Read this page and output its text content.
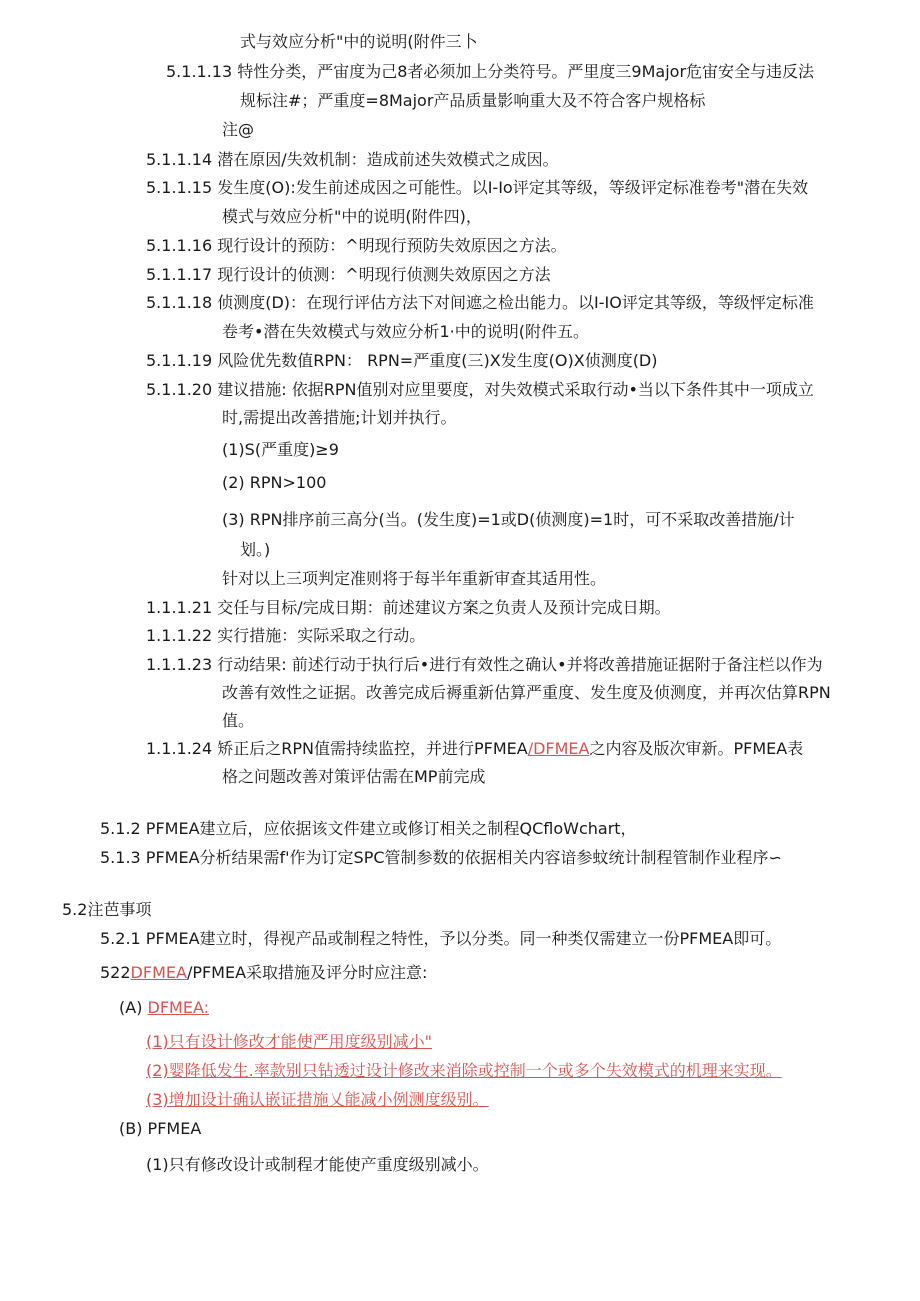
式与效应分析"中的说明(附件三卜
5.1.1.13 特性分类，严宙度为己8者必须加上分类符号。严里度三9Major危宙安全与违反法
规标注#；严重度=8Major产品质量影响重大及不符合客户规格标
注@
5.1.1.14 潜在原因/失效机制：造成前述失效模式之成因。
5.1.1.15 发生度(O):发生前述成因之可能性。以I-Io评定其等级，等级评定标准卷考"潜在失效
模式与效应分析"中的说明(附件四)，
5.1.1.16 现行设计的预防：^明现行预防失效原因之方法。
5.1.1.17 现行设计的侦测：^明现行侦测失效原因之方法
5.1.1.18 侦测度(D)：在现行评估方法下对间遮之检出能力。以I-IO评定其等级，等级怦定标准
卷考•潜在失效模式与效应分析1·中的说明(附件五。
5.1.1.19 风险优先数值RPN： RPN=严重度(三)X发生度(O)X侦测度(D)
5.1.1.20 建议措施: 依据RPN值别对应里要度，对失效模式采取行动•当以下条件其中一项成立
时,需提出改善措施;计划并执行。
(1)S(严重度)≥9
(2) RPN>100
(3) RPN排序前三高分(当。(发生度)=1或D(侦测度)=1时，可不采取改善措施/计
划。)
针对以上三项判定准则将于每半年重新审查其适用性。
1.1.1.21 交任与目标/完成日期：前述建议方案之负责人及预计完成日期。
1.1.1.22 实行措施：实际采取之行动。
1.1.1.23 行动结果: 前述行动于执行后•进行有效性之确认•并将改善措施证据附于备注栏以作为
改善有效性之证据。改善完成后褥重新估算严重度、发生度及侦测度，并再次估算RPN
值。
1.1.1.24 矫正后之RPN值需持续监控，并进行PFMEA/DFMEA之内容及版次审新。PFMEA表
格之问题改善对策评估需在MP前完成
5.1.2 PFMEA建立后，应依据该文件建立或修订相关之制程QCfloWchart，
5.1.3 PFMEA分析结果需f'作为订定SPC管制参数的依据相关内容谙参蚊统计制程管制作业程序∽
5.2注芭事项
5.2.1 PFMEA建立时，得视产品或制程之特性，予以分类。同一种类仅需建立一份PFMEA即可。
522DFMEA/PFMEA采取措施及评分时应注意:
(A) DFMEA:
(1)只有设计修改才能使严用度级别减小"
(2)婴降低发生.率款别只钻透过设计修改来消除或控制一个或多个失效模式的机理来实现。
(3)增加设计确认嵌证措施乂能减小例测度级别。
(B) PFMEA
(1)只有修改设计或制程才能使产重度级别减小。
